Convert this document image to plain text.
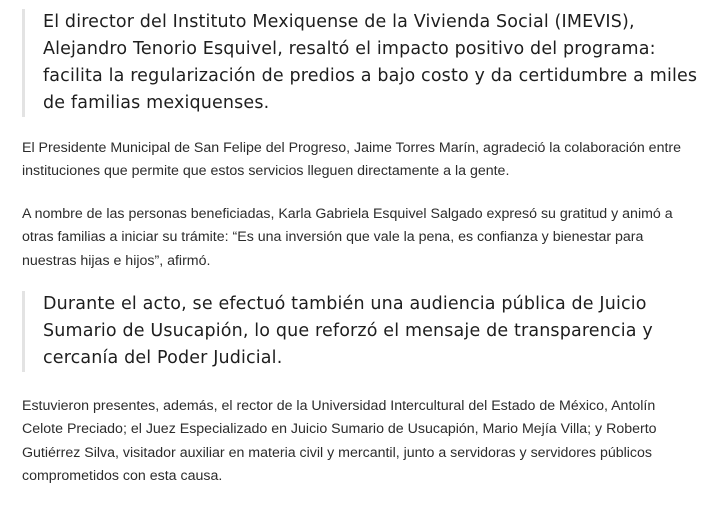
El director del Instituto Mexiquense de la Vivienda Social (IMEVIS),
Alejandro Tenorio Esquivel, resaltó el impacto positivo del programa:
facilita la regularización de predios a bajo costo y da certidumbre a miles
de familias mexiquenses.

El Presidente Municipal de San Felipe del Progreso, Jaime Torres Marín, agradeció la colaboración entre
instituciones que permite que estos servicios lleguen directamente a la gente.

A nombre de las personas beneficiadas, Karla Gabriela Esquivel Salgado expresó su gratitud y animó a
otras familias a iniciar su trámite: “Es una inversión que vale la pena, es confianza y bienestar para
nuestras hijas e hijos”, afirmó.

Durante el acto, se efectuó también una audiencia pública de Juicio
Sumario de Usucapión, lo que reforzó el mensaje de transparencia y
cercanía del Poder Judicial.

Estuvieron presentes, además, el rector de la Universidad Intercultural del Estado de México, Antolín
Celote Preciado; el Juez Especializado en Juicio Sumario de Usucapión, Mario Mejía Villa; y Roberto
Gutiérrez Silva, visitador auxiliar en materia civil y mercantil, junto a servidoras y servidores públicos
comprometidos con esta causa.
